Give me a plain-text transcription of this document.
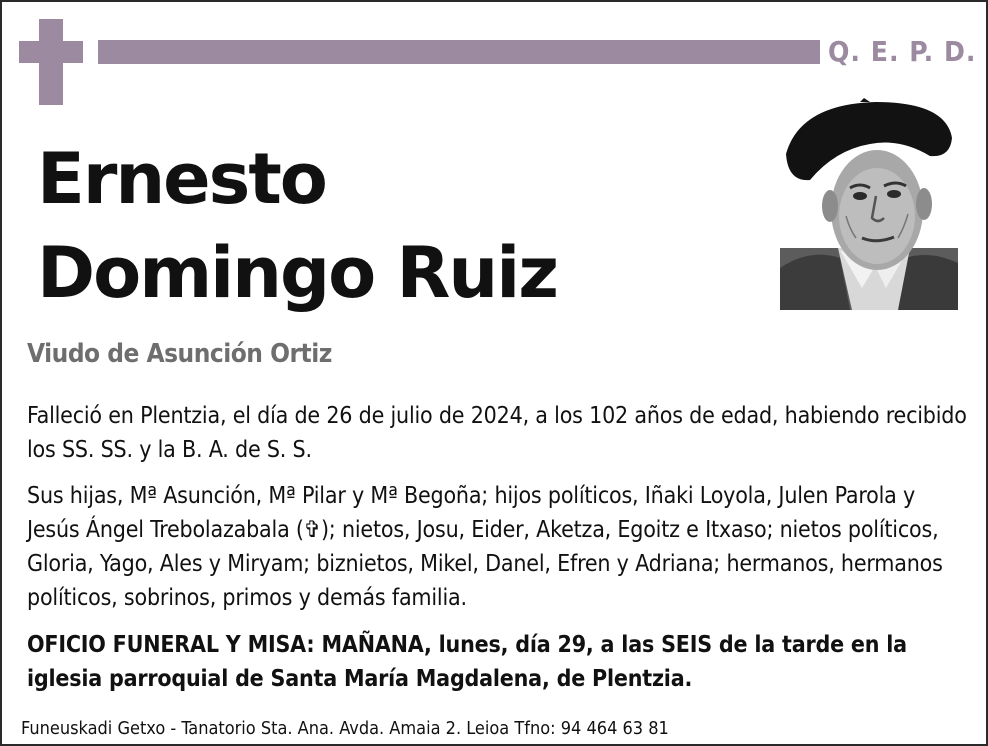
Q. E. P. D.
Ernesto
Domingo Ruiz
Viudo de Asunción Ortiz

Falleció en Plentzia, el día de 26 de julio de 2024, a los 102 años de edad, habiendo recibido los SS. SS. y la B. A. de S. S.

Sus hijas, Mª Asunción, Mª Pilar y Mª Begoña; hijos políticos, Iñaki Loyola, Julen Parola y Jesús Ángel Trebolazabala (✞); nietos, Josu, Eider, Aketza, Egoitz e Itxaso; nietos políticos, Gloria, Yago, Ales y Miryam; biznietos, Mikel, Danel, Efren y Adriana; hermanos, hermanos políticos, sobrinos, primos y demás familia.

OFICIO FUNERAL Y MISA: MAÑANA, lunes, día 29, a las SEIS de la tarde en la iglesia parroquial de Santa María Magdalena, de Plentzia.

Funeuskadi Getxo - Tanatorio Sta. Ana. Avda. Amaia 2. Leioa Tfno: 94 464 63 81
